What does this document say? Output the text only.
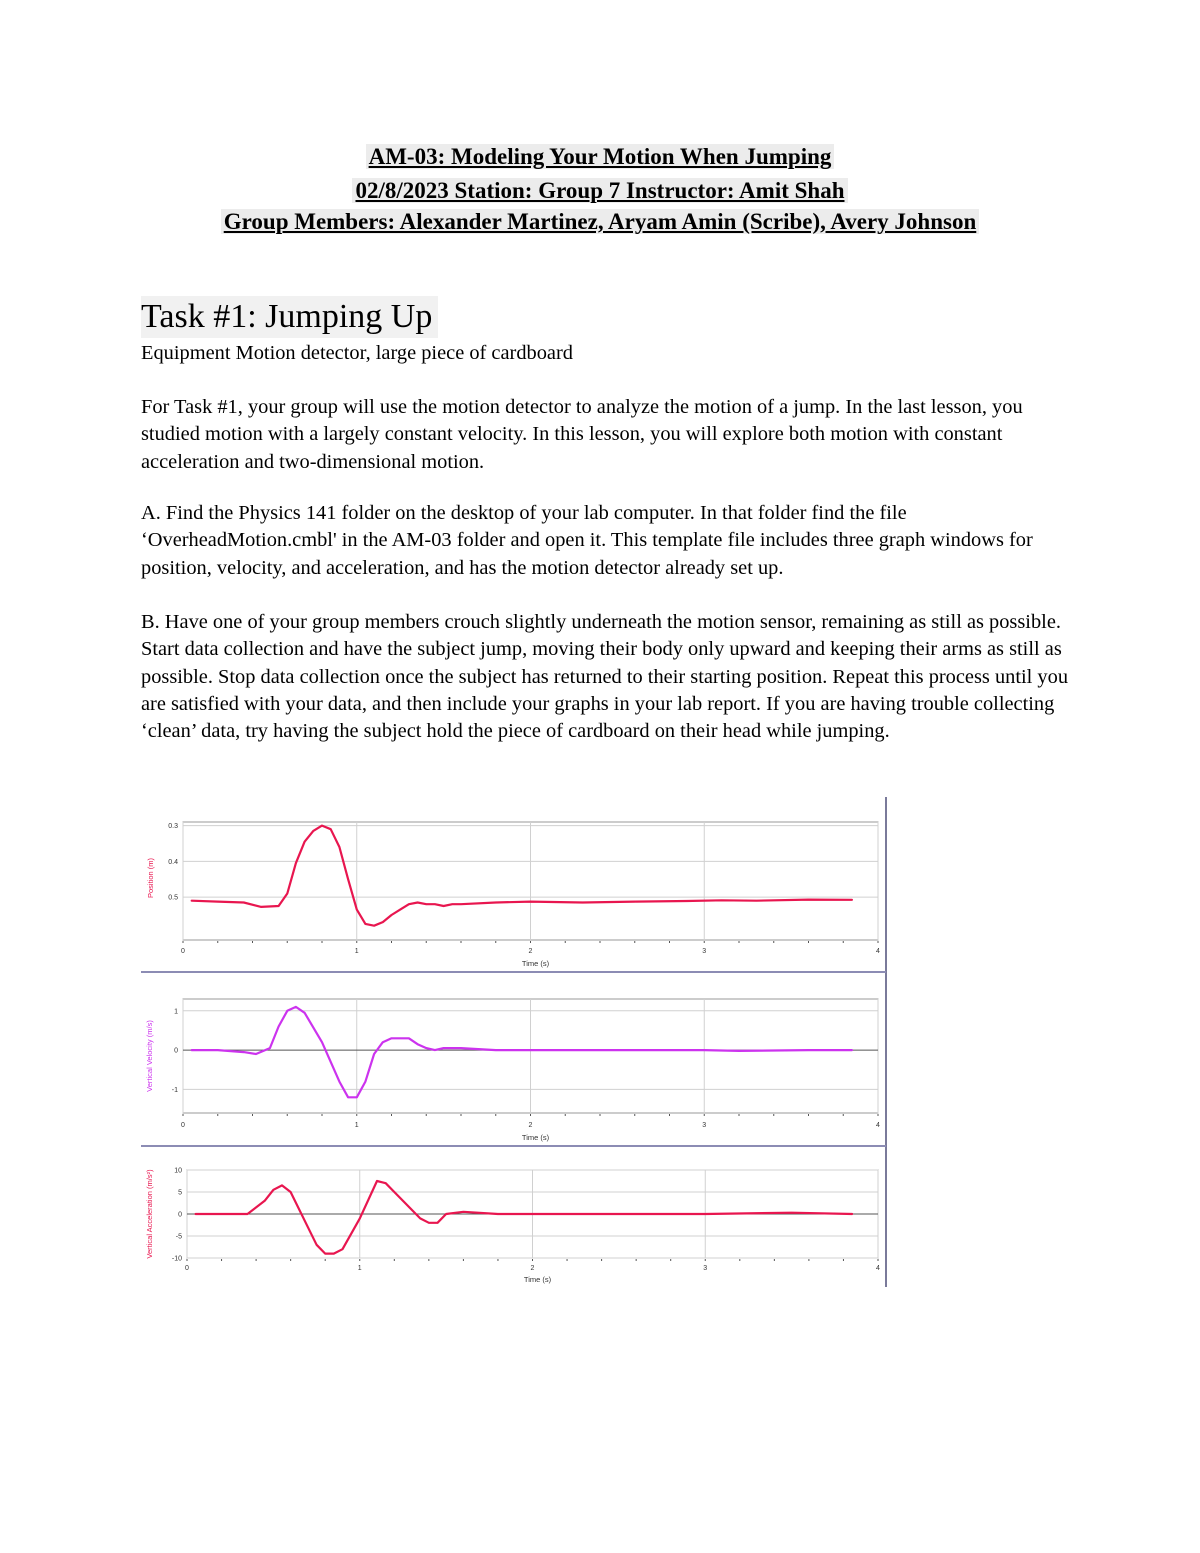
AM-03: Modeling Your Motion When Jumping
02/8/2023 Station: Group 7 Instructor: Amit Shah
Group Members: Alexander Martinez, Aryam Amin (Scribe), Avery Johnson
Task #1: Jumping Up

Equipment Motion detector, large piece of cardboard

For Task #1, your group will use the motion detector to analyze the motion of a jump. In the last lesson, you studied motion with a largely constant velocity. In this lesson, you will explore both motion with constant acceleration and two-dimensional motion.

A. Find the Physics 141 folder on the desktop of your lab computer. In that folder find the file ‘OverheadMotion.cmbl' in the AM-03 folder and open it. This template file includes three graph windows for position, velocity, and acceleration, and has the motion detector already set up.

B. Have one of your group members crouch slightly underneath the motion sensor, remaining as still as possible. Start data collection and have the subject jump, moving their body only upward and keeping their arms as still as possible. Stop data collection once the subject has returned to their starting position. Repeat this process until you are satisfied with your data, and then include your graphs in your lab report. If you are having trouble collecting ‘clean’ data, try having the subject hold the piece of cardboard on their head while jumping.

0	1	2	3	4
0.3
0.4
0.5
Time (s)
Position (m)
0	1	2	3	4
1
0
-1
Time (s)
Vertical Velocity (m/s)
0	1	2	3	4
10
5
0
-5
-10
Time (s)
Vertical Acceleration (m/s²)
